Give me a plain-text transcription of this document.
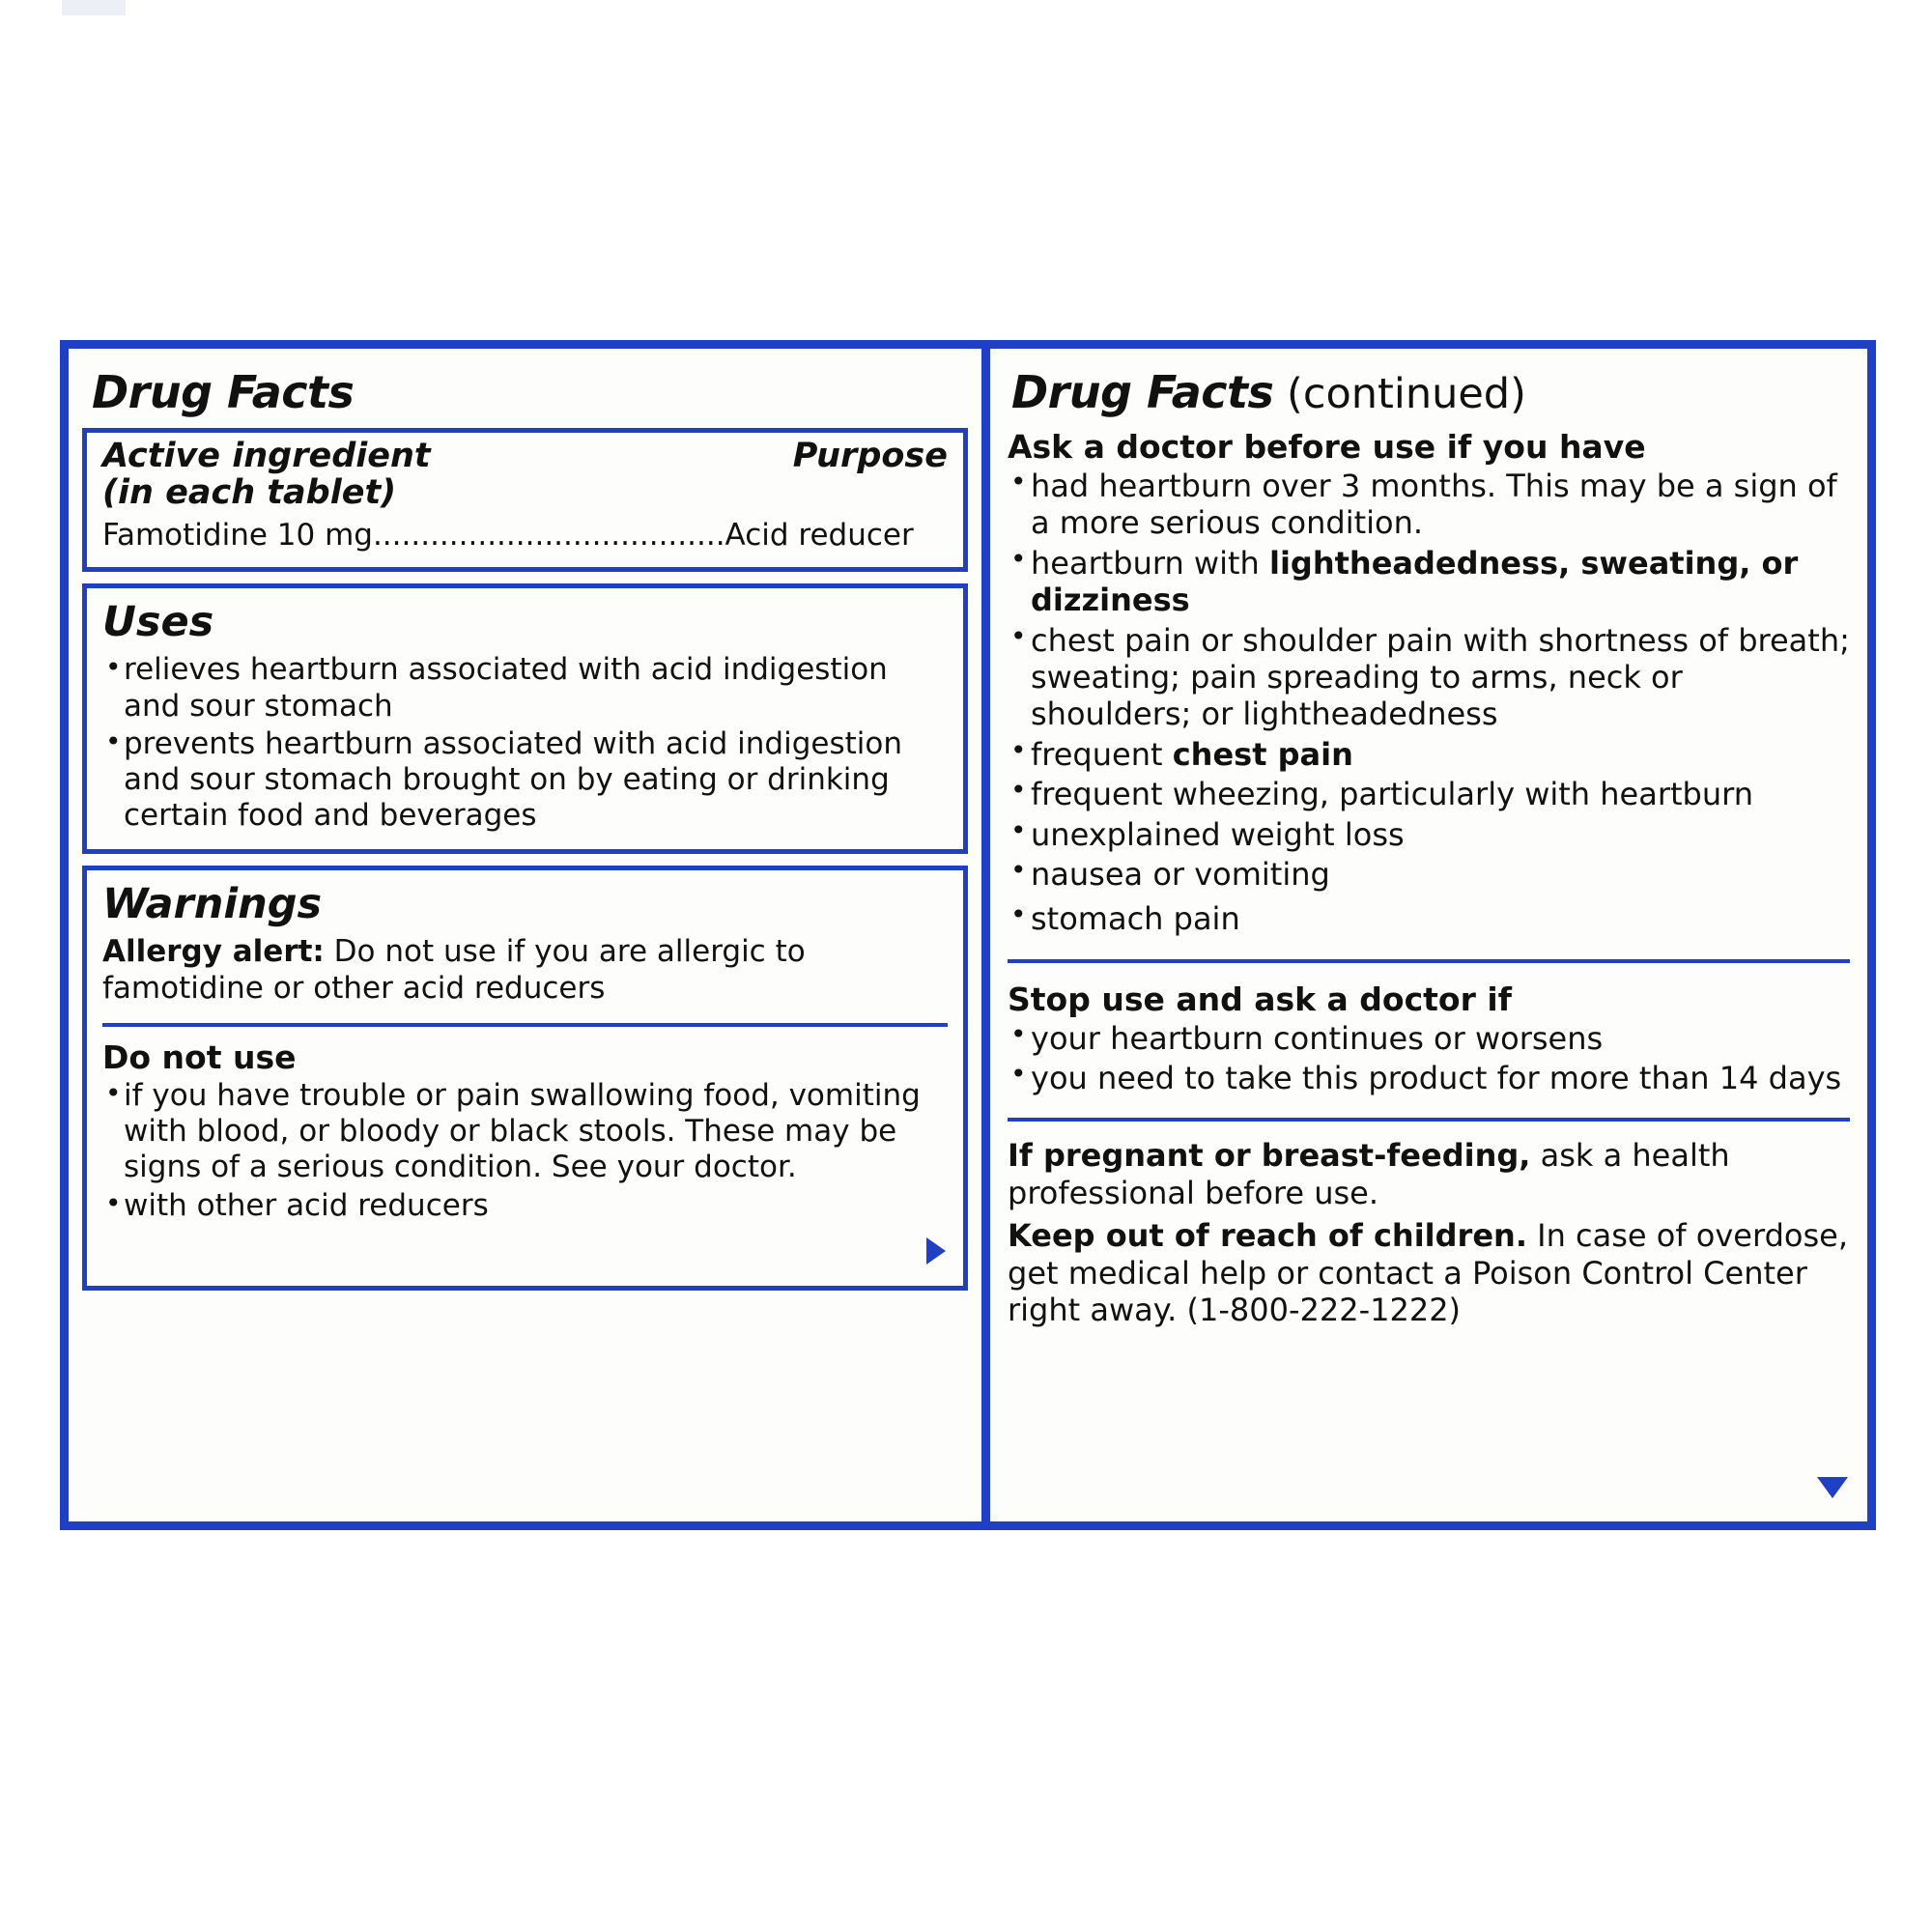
Drug Facts
Active ingredient
(in each tablet)
Purpose
Famotidine 10 mg.....................................Acid reducer
Uses
• relieves heartburn associated with acid indigestion and sour stomach
• prevents heartburn associated with acid indigestion and sour stomach brought on by eating or drinking certain food and beverages
Warnings
Allergy alert: Do not use if you are allergic to famotidine or other acid reducers
Do not use
• if you have trouble or pain swallowing food, vomiting with blood, or bloody or black stools. These may be signs of a serious condition. See your doctor.
• with other acid reducers
Drug Facts (continued)
Ask a doctor before use if you have
• had heartburn over 3 months. This may be a sign of a more serious condition.
• heartburn with lightheadedness, sweating, or dizziness
• chest pain or shoulder pain with shortness of breath; sweating; pain spreading to arms, neck or shoulders; or lightheadedness
• frequent chest pain
• frequent wheezing, particularly with heartburn
• unexplained weight loss
• nausea or vomiting
• stomach pain
Stop use and ask a doctor if
• your heartburn continues or worsens
• you need to take this product for more than 14 days
If pregnant or breast-feeding, ask a health professional before use.
Keep out of reach of children. In case of overdose, get medical help or contact a Poison Control Center right away. (1-800-222-1222)
